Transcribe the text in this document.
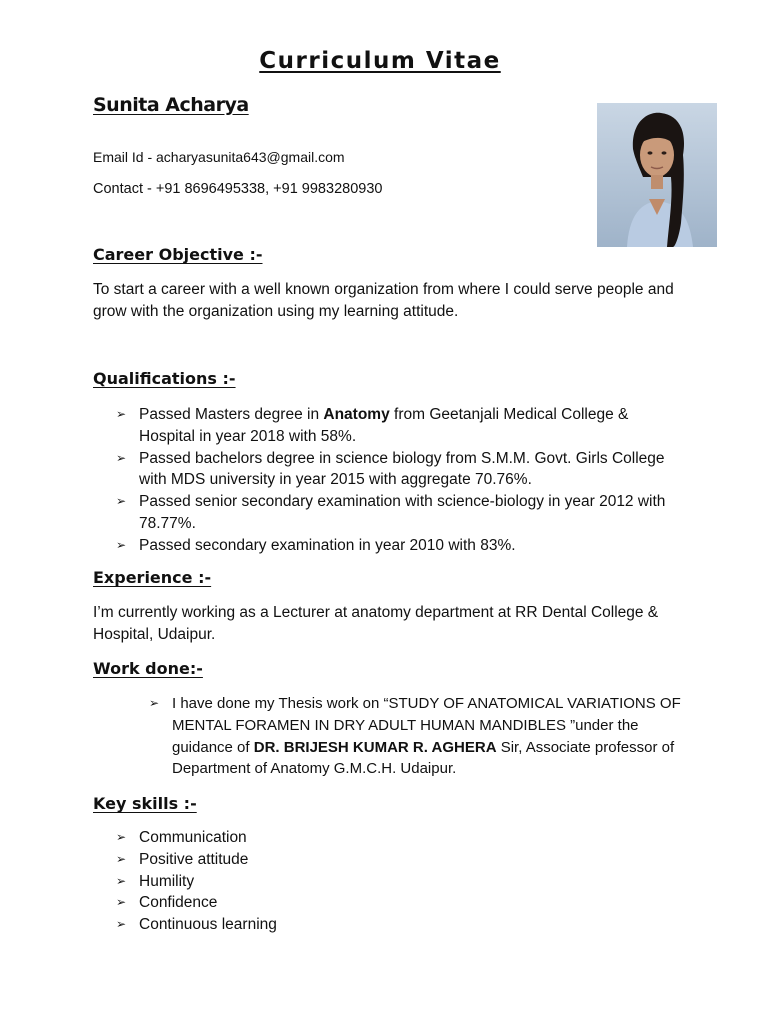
Curriculum Vitae
Sunita Acharya
Email Id - acharyasunita643@gmail.com
Contact - +91 8696495338, +91 9983280930
Career Objective :-
To start a career with a well known organization from where I could serve people and grow with the organization using my learning attitude.
Qualifications :-
➢ Passed Masters degree in Anatomy from Geetanjali Medical College & Hospital in year 2018 with 58%.
➢ Passed bachelors degree in science biology from S.M.M. Govt. Girls College with MDS university in year 2015 with aggregate 70.76%.
➢ Passed senior secondary examination with science-biology in year 2012 with 78.77%.
➢ Passed secondary examination in year 2010 with 83%.
Experience :-
I’m currently working as a Lecturer at anatomy department at RR Dental College & Hospital, Udaipur.
Work done:-
➢ I have done my Thesis work on “STUDY OF ANATOMICAL VARIATIONS OF MENTAL FORAMEN IN DRY ADULT HUMAN MANDIBLES ”under the guidance of DR. BRIJESH KUMAR R. AGHERA Sir, Associate professor of Department of Anatomy G.M.C.H. Udaipur.
Key skills :-
➢ Communication
➢ Positive attitude
➢ Humility
➢ Confidence
➢ Continuous learning
